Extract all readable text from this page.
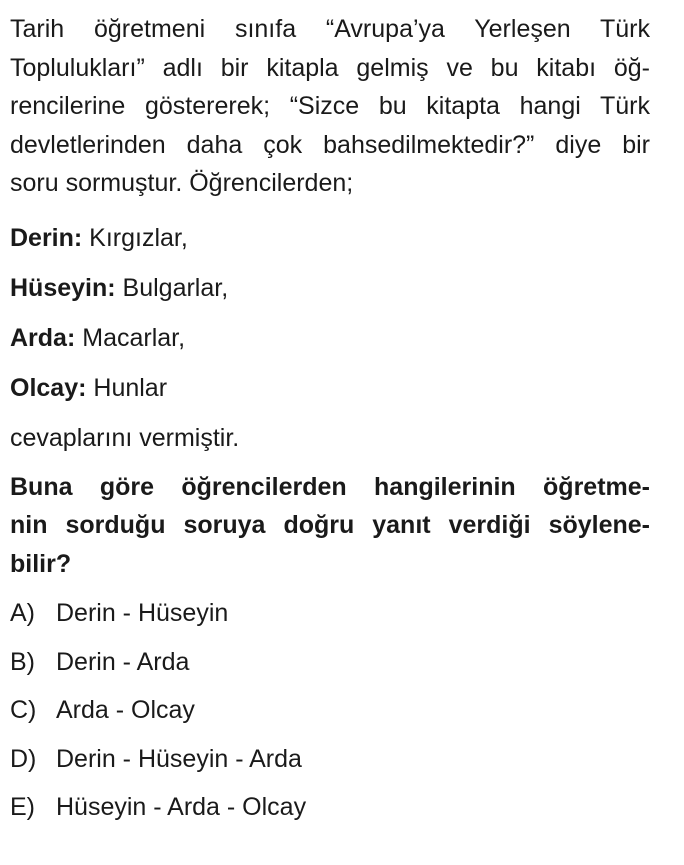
Tarih öğretmeni sınıfa “Avrupa’ya Yerleşen Türk
Toplulukları” adlı bir kitapla gelmiş ve bu kitabı öğ-
rencilerine göstererek; “Sizce bu kitapta hangi Türk
devletlerinden daha çok bahsedilmektedir?” diye bir
soru sormuştur. Öğrencilerden;

Derin: Kırgızlar,

Hüseyin: Bulgarlar,

Arda: Macarlar,

Olcay: Hunlar

cevaplarını vermiştir.

Buna göre öğrencilerden hangilerinin öğretme-
nin sorduğu soruya doğru yanıt verdiği söylene-
bilir?

A) Derin - Hüseyin
B) Derin - Arda
C) Arda - Olcay
D) Derin - Hüseyin - Arda
E) Hüseyin - Arda - Olcay
